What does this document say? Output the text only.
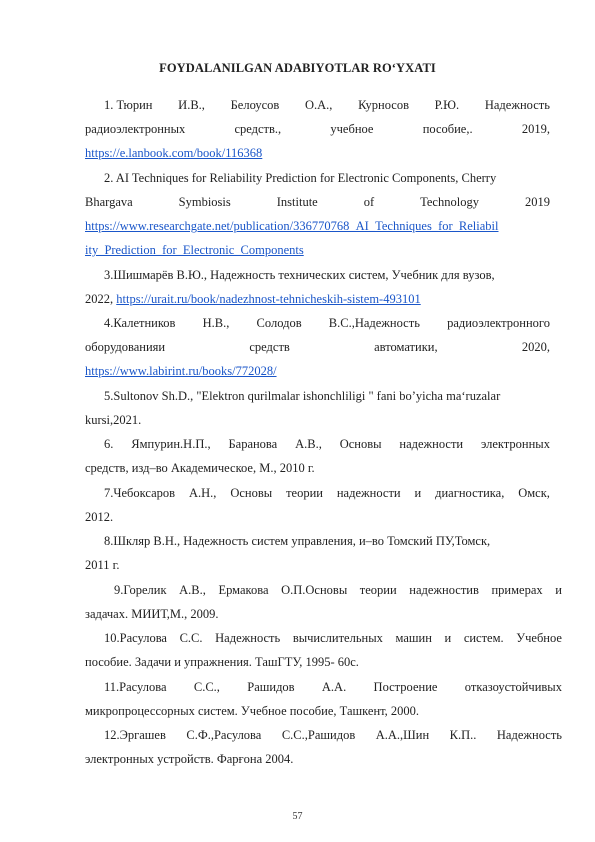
FOYDALANILGAN ADABIYOTLAR RO‘YXATI
1. Тюрин И.В., Белоусов О.А., Курносов Р.Ю. Надежность
радиоэлектронных	средств.,	учебное	пособие,.	2019,
https://e.lanbook.com/book/116368
2. AI Techniques for Reliability Prediction for Electronic Components, Cherry
Bhargava	Symbiosis	Institute	of	Technology	2019
https://www.researchgate.net/publication/336770768_AI_Techniques_for_Reliabil
ity_Prediction_for_Electronic_Components
3.Шишмарёв В.Ю., Надежность технических систем, Учебник для вузов,
2022, https://urait.ru/book/nadezhnost-tehnicheskih-sistem-493101
4.Калетников Н.В., Солодов В.С.,Надежность радиоэлектронного
оборудованияи	средств	автоматики,	2020,
https://www.labirint.ru/books/772028/
5.Sultonov Sh.D., "Elektron qurilmalar ishonchliligi " fani bo’yicha ma‘ruzalar
kursi,2021.
6. Ямпурин.Н.П., Баранова А.В., Основы надежности электронных
средств, изд–во Академическое, М., 2010 г.
7.Чебоксаров А.Н., Основы теории надежности и диагностика, Омск,
2012.
8.Шкляр В.Н., Надежность систем управления, и–во Томский ПУ,Томск,
2011 г.
9.Горелик А.В., Ермакова О.П.Основы теории надежностив примерах и
задачах. МИИТ,М., 2009.
10.Расулова С.С. Надежность вычислительных машин и систем. Учебное
пособие. Задачи и упражнения. ТашГТУ, 1995- 60с.
11.Расулова С.С., Рашидов А.А. Построение отказоустойчивых
микропроцессорных систем. Учебное пособие, Ташкент, 2000.
12.Эргашев С.Ф.,Расулова С.С.,Рашидов А.А.,Шин К.П.. Надежность
электронных устройств. Фарғона 2004.
57
